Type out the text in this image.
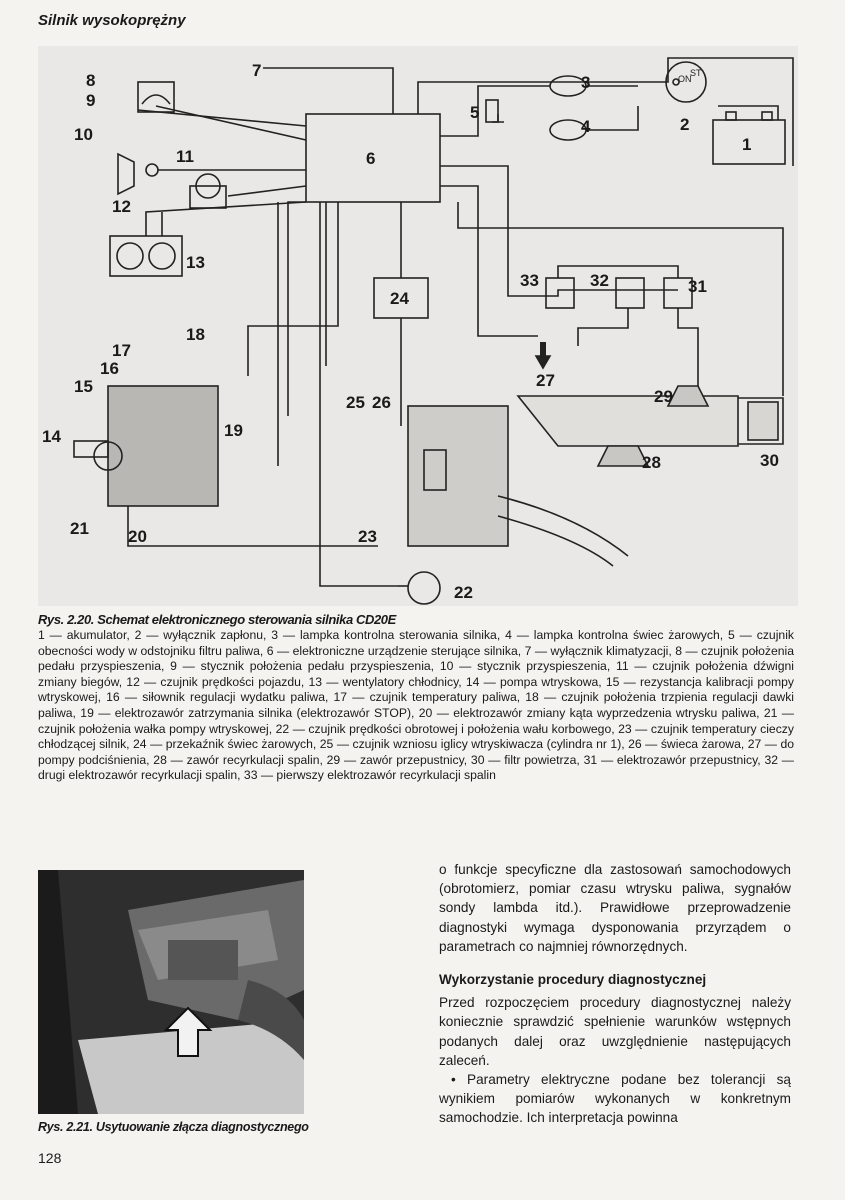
Silnik wysokoprężny
7
8
9
10
11
12
13
6
3
4
5
2
1
24
33	32	31
27
29
28	30
25 26
18
17
16
15
14	19
21 20	23
22
ON
ST
Rys. 2.20. Schemat elektronicznego sterowania silnika CD20E
1 — akumulator, 2 — wyłącznik zapłonu, 3 — lampka kontrolna sterowania silnika, 4 — lampka kontrolna świec żarowych, 5 — czujnik obecności wody w odstojniku filtru paliwa, 6 — elektroniczne urządzenie sterujące silnika, 7 — wyłącznik klimatyzacji, 8 — czujnik położenia pedału przyspieszenia, 9 — stycznik położenia pedału przyspieszenia, 10 — stycznik przyspieszenia, 11 — czujnik położenia dźwigni zmiany biegów, 12 — czujnik prędkości pojazdu, 13 — wentylatory chłodnicy, 14 — pompa wtryskowa, 15 — rezystancja kalibracji pompy wtryskowej, 16 — siłownik regulacji wydatku paliwa, 17 — czujnik temperatury paliwa, 18 — czujnik położenia trzpienia regulacji dawki paliwa, 19 — elektrozawór zatrzymania silnika (elektrozawór STOP), 20 — elektrozawór zmiany kąta wyprzedzenia wtrysku paliwa, 21 — czujnik położenia wałka pompy wtryskowej, 22 — czujnik prędkości obrotowej i położenia wału korbowego, 23 — czujnik temperatury cieczy chłodzącej silnik, 24 — przekaźnik świec żarowych, 25 — czujnik wzniosu iglicy wtryskiwacza (cylindra nr 1), 26 — świeca żarowa, 27 — do pompy podciśnienia, 28 — zawór recyrkulacji spalin, 29 — zawór przepustnicy, 30 — filtr powietrza, 31 — elektrozawór przepustnicy, 32 — drugi elektrozawór recyrkulacji spalin, 33 — pierwszy elektrozawór recyrkulacji spalin
Rys. 2.21. Usytuowanie złącza diagnostycznego

o funkcje specyficzne dla zastosowań samochodowych (obrotomierz, pomiar czasu wtrysku paliwa, sygnałów sondy lambda itd.). Prawidłowe przeprowadzenie diagnostyki wymaga dysponowania przyrządem o parametrach co najmniej równorzędnych.

Wykorzystanie procedury diagnostycznej

Przed rozpoczęciem procedury diagnostycznej należy koniecznie sprawdzić spełnienie warunków wstępnych podanych dalej oraz uwzględnienie następujących zaleceń.

• Parametry elektryczne podane bez tolerancji są wynikiem pomiarów wykonanych w konkretnym samochodzie. Ich interpretacja powinna

128
